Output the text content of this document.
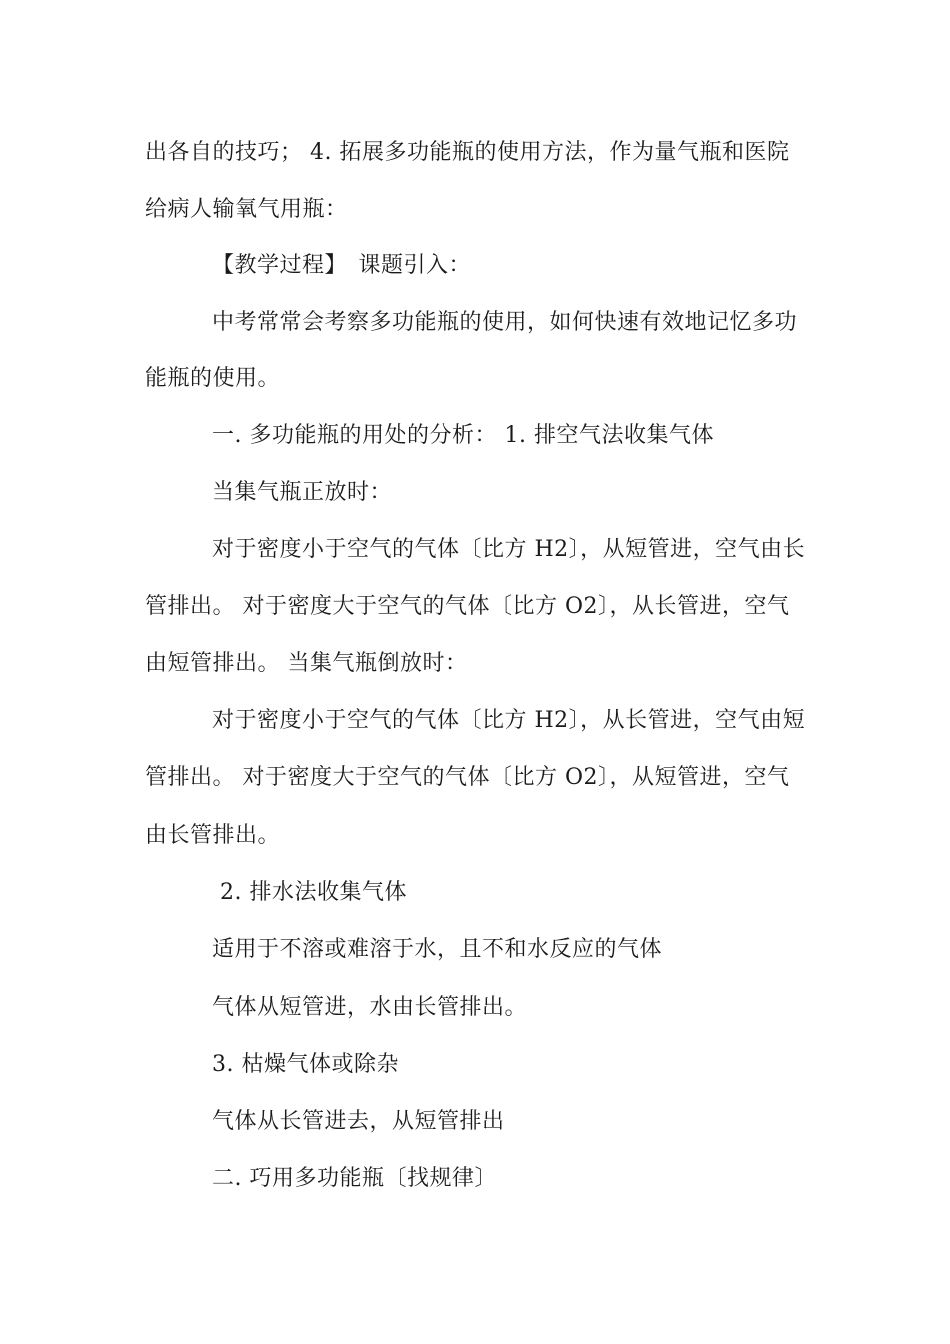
出各自的技巧； 4. 拓展多功能瓶的使用方法，作为量气瓶和医院
给病人输氧气用瓶：
【教学过程】　课题引入：
中考常常会考察多功能瓶的使用，如何快速有效地记忆多功
能瓶的使用。
一. 多功能瓶的用处的分析： 1. 排空气法收集气体
当集气瓶正放时：
对于密度小于空气的气体〔比方 H2〕，从短管进，空气由长
管排出。 对于密度大于空气的气体〔比方 O2〕，从长管进，空气
由短管排出。 当集气瓶倒放时：
对于密度小于空气的气体〔比方 H2〕，从长管进，空气由短
管排出。 对于密度大于空气的气体〔比方 O2〕，从短管进，空气
由长管排出。
2. 排水法收集气体
适用于不溶或难溶于水，且不和水反应的气体
气体从短管进，水由长管排出。
3. 枯燥气体或除杂
气体从长管进去，从短管排出
二. 巧用多功能瓶〔找规律〕
